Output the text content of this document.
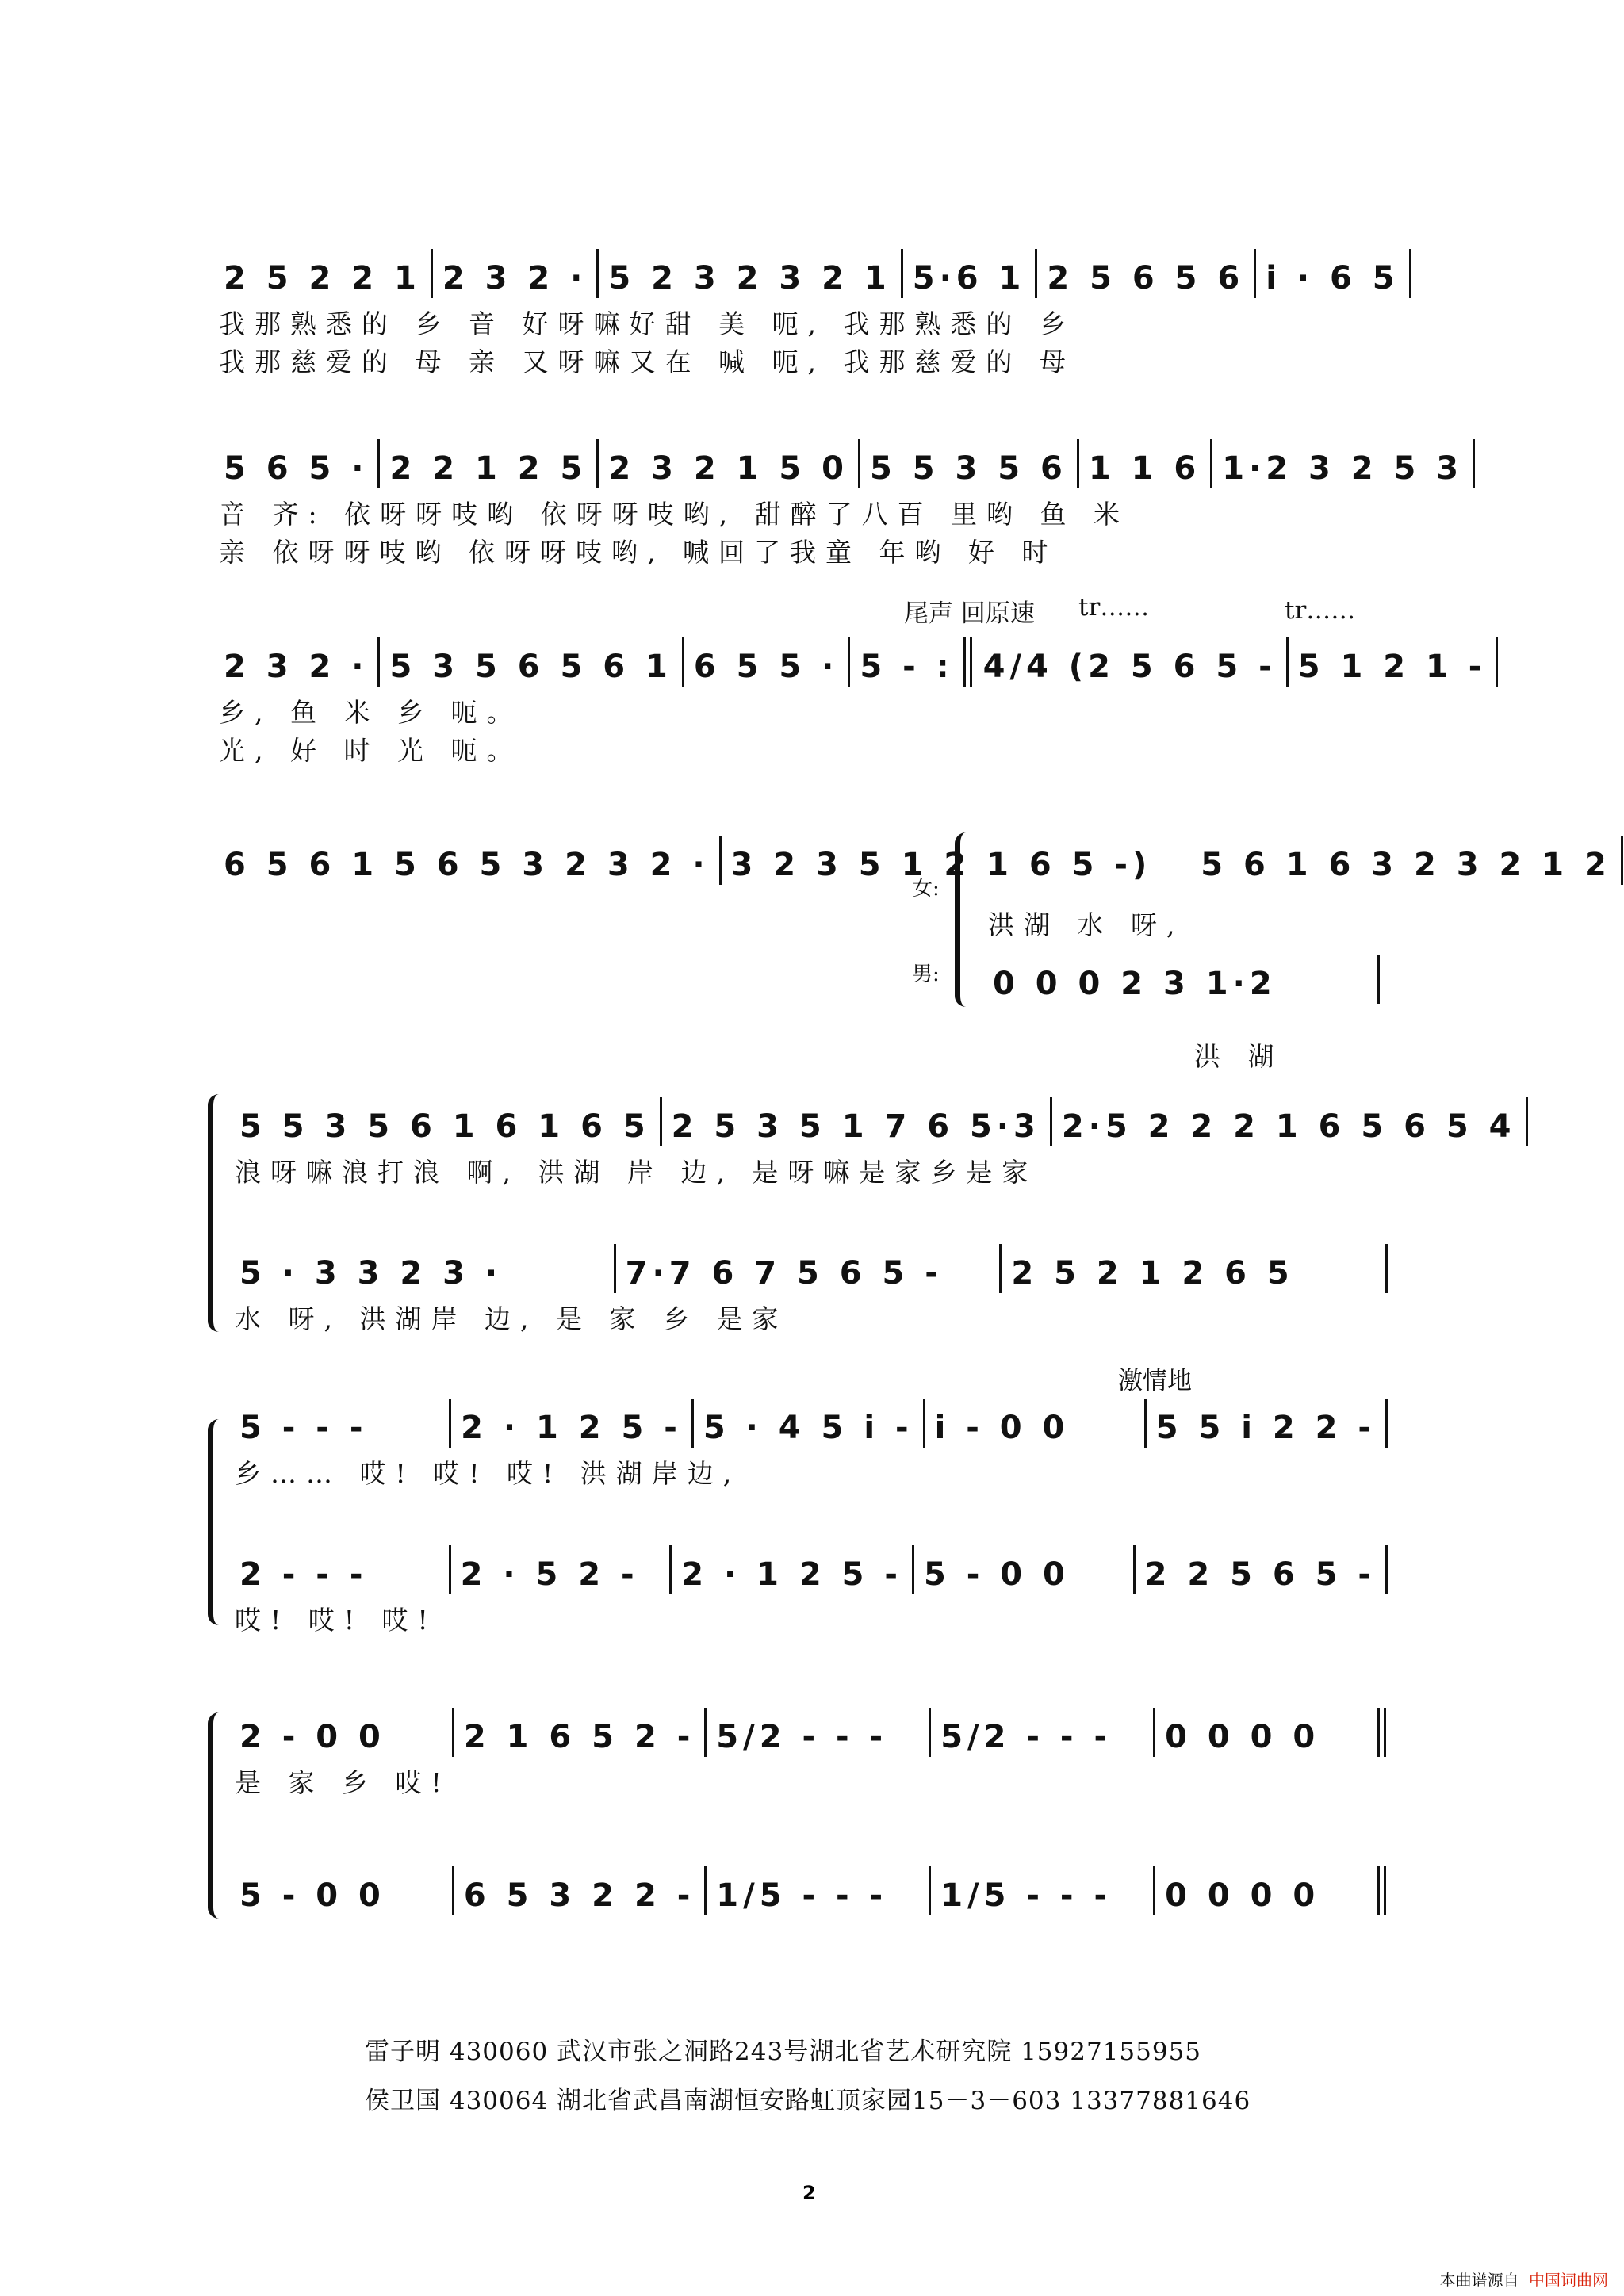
2 5 2 2 1 2 3 2 · 5 2 3 2 3 2 1 5·6 1 2 5 6 5 6 i · 6 5
我那熟悉的 乡 音 好呀嘛好甜 美 呃, 我那熟悉的 乡
我那慈爱的 母 亲 又呀嘛又在 喊 呃, 我那慈爱的 母
5 6 5 · 2 2 1 2 5 2 3 2 1 5 0 5 5 3 5 6 1 1 6 1·2 3 2 5 3
音 齐: 依呀呀吱哟 依呀呀吱哟, 甜醉了八百 里哟 鱼 米
亲 依呀呀吱哟 依呀呀吱哟, 喊回了我童 年哟 好 时
尾声 回原速 tr……	tr……
2 3 2 · 5 3 5 6 5 6 1 6 5 5 · 5 - : 4/4 (2 5 6 5 - 5 1 2 1 -
乡, 鱼 米 乡 呃。
光, 好 时 光 呃。
6 5 6 1 5 6 5 3 2 3 2 · 3 2 3 5 1 2 1 6 5 -)	5 6 1 6 3 2 3 2 1 2
女:
男:
洪湖 水 呀,
0 0 0 2 3 1·2
洪 湖
5 5 3 5 6 1 6 1 6 5 2 5 3 5 1 7 6 5·3 2·5 2 2 2 1 6 5 6 5 4
浪呀嘛浪打浪 啊, 洪湖 岸 边, 是呀嘛是家乡是家
5 · 3 3 2 3 ·	7·7 6 7 5 6 5 -	2 5 2 1 2 6 5
水 呀, 洪湖岸 边, 是 家 乡 是家
激情地
5 - - -	2 · 1 2 5 - 5 · 4 5 i - i - 0 0	5 5 i 2 2 -
乡…… 哎! 哎! 哎! 洪湖岸边,
2 - - -	2 · 5 2 -	2 · 1 2 5 - 5 - 0 0	2 2 5 6 5 -
哎! 哎! 哎!
2 - 0 0	2 1 6 5 2 - 5/2 - - -	5/2 - - -	0 0 0 0
是 家 乡 哎!
5 - 0 0	6 5 3 2 2 - 1/5 - - -	1/5 - - -	0 0 0 0
雷子明 430060 武汉市张之洞路243号湖北省艺术研究院 15927155955
侯卫国 430064 湖北省武昌南湖恒安路虹顶家园15－3－603 13377881646
2
本曲谱源自 中国词曲网
